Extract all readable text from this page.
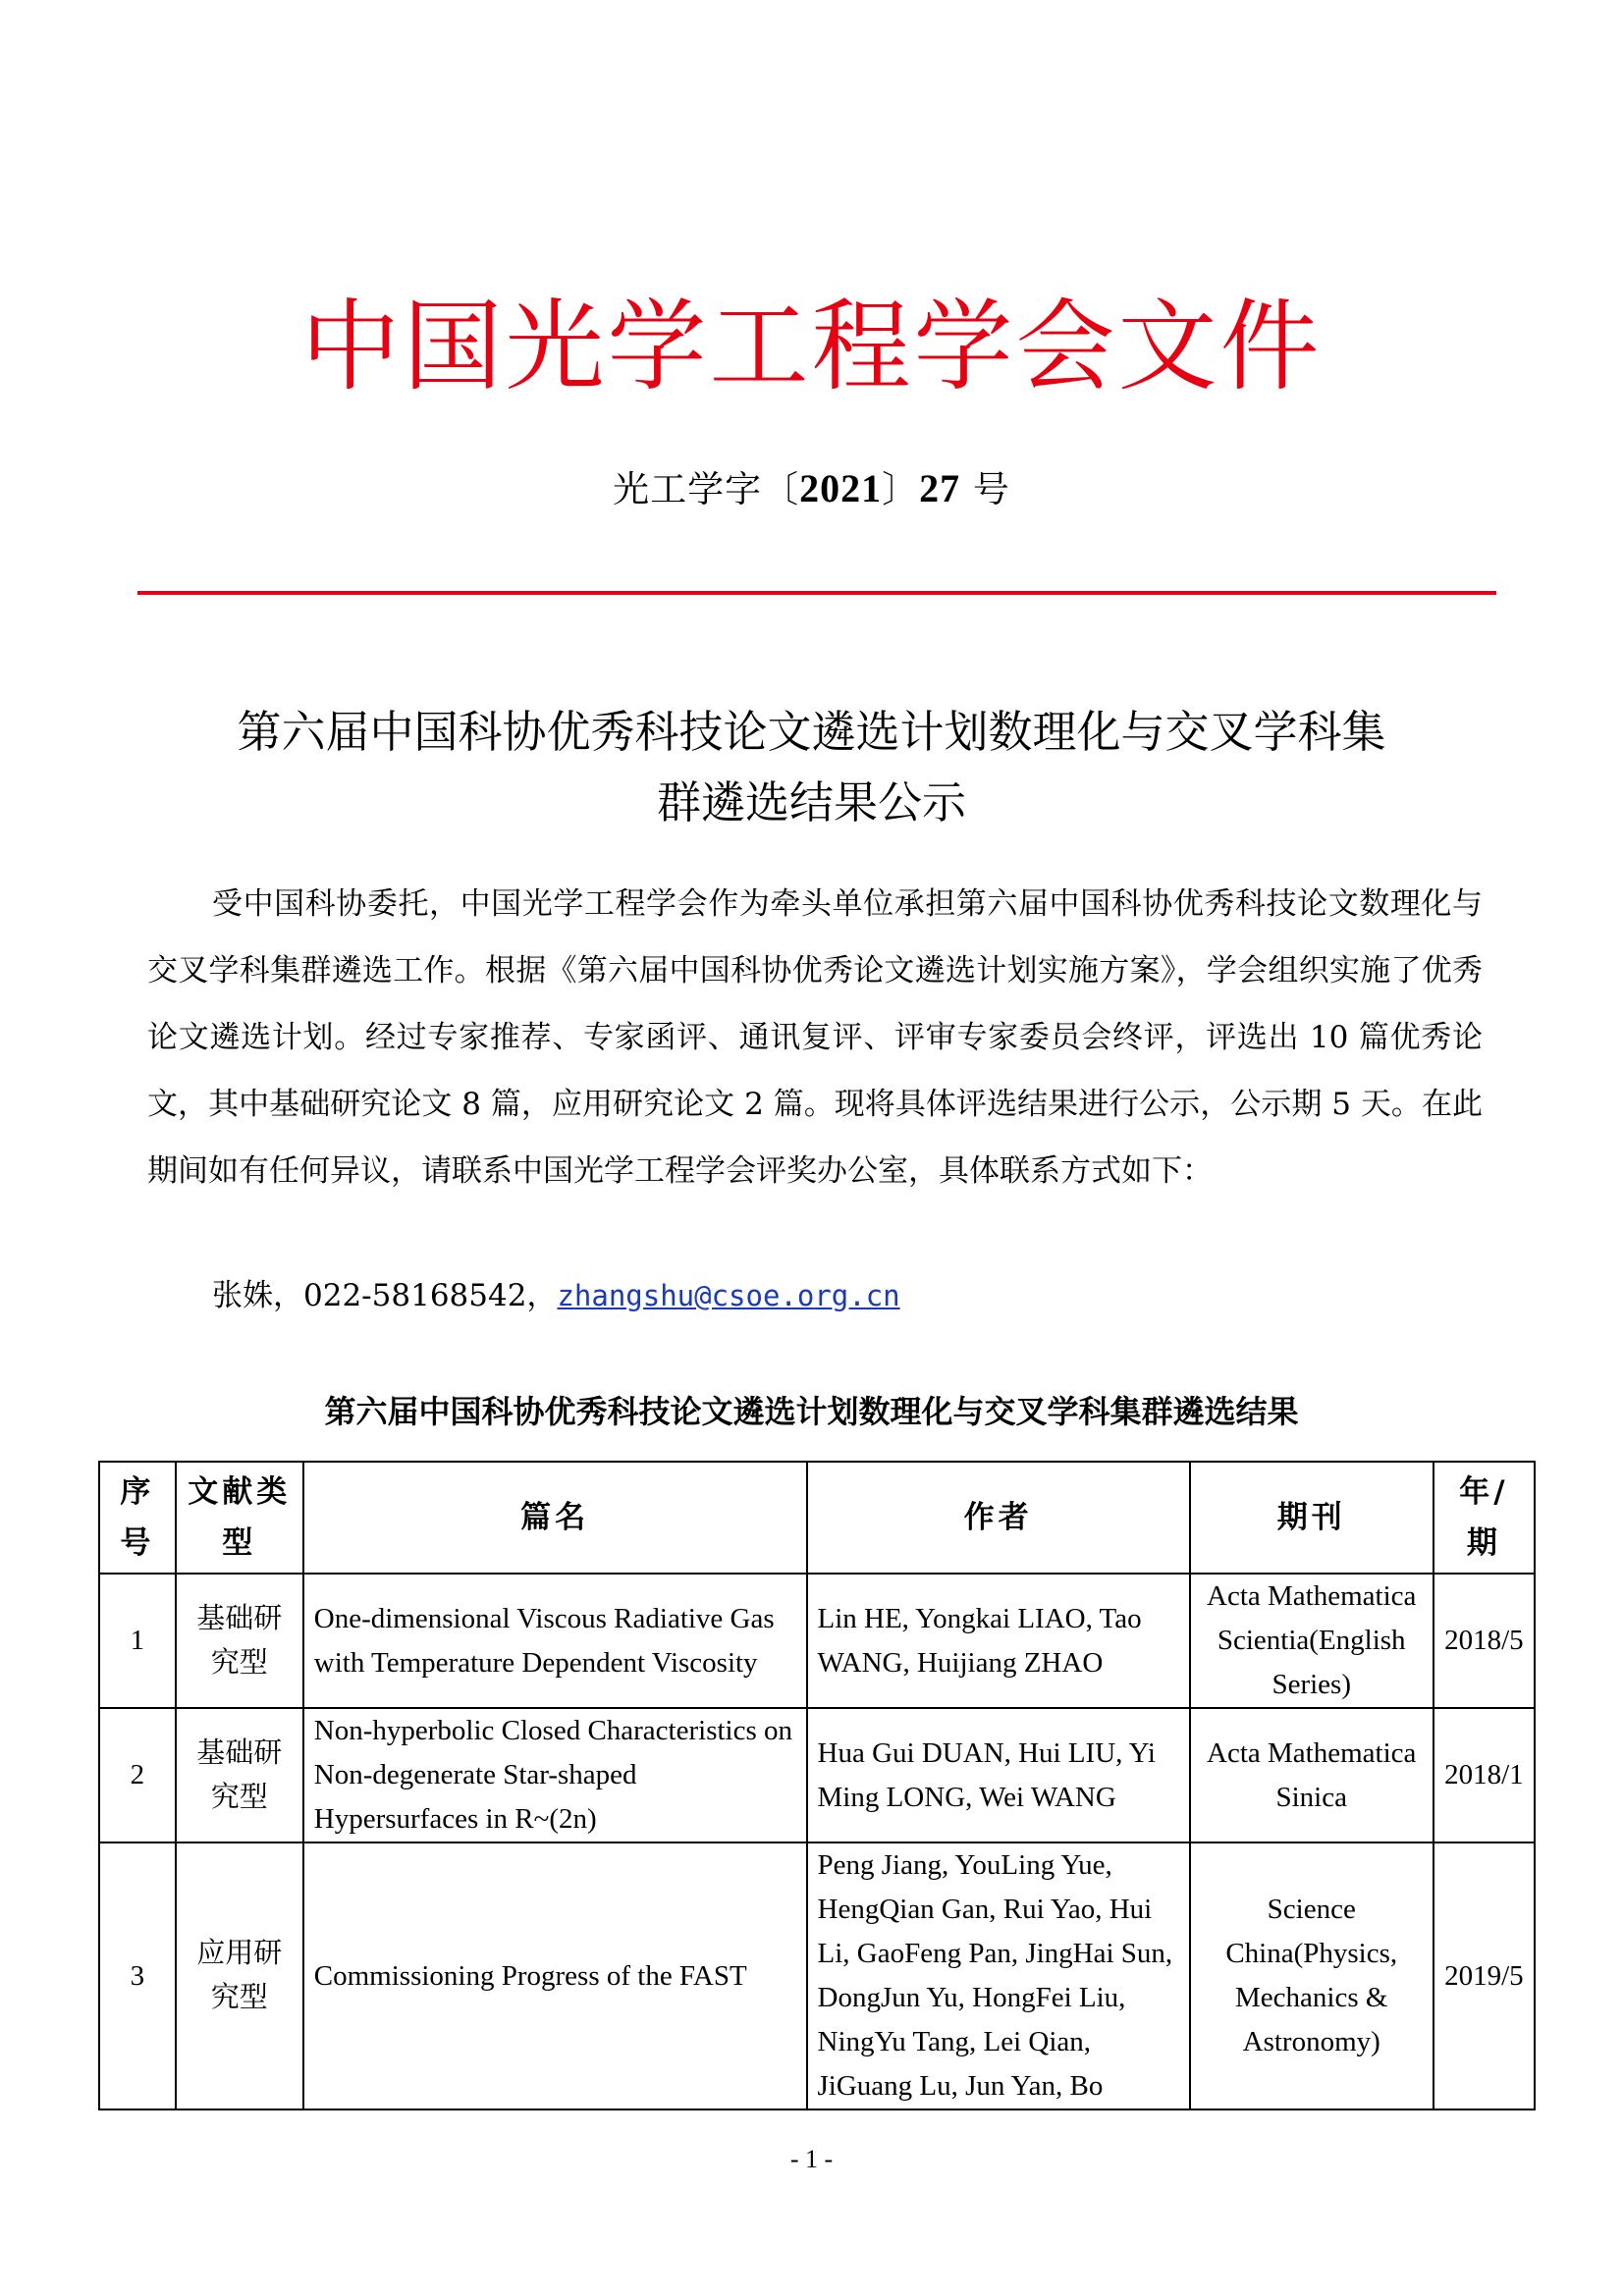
中国光学工程学会文件
光工学字〔2021〕27 号
第六届中国科协优秀科技论文遴选计划数理化与交叉学科集
群遴选结果公示

受中国科协委托，中国光学工程学会作为牵头单位承担第六届中国科协优秀科技论文数理化与交叉学科集群遴选工作。根据《第六届中国科协优秀论文遴选计划实施方案》，学会组织实施了优秀论文遴选计划。经过专家推荐、专家函评、通讯复评、评审专家委员会终评，评选出 10 篇优秀论文，其中基础研究论文 8 篇，应用研究论文 2 篇。现将具体评选结果进行公示，公示期 5 天。在此期间如有任何异议，请联系中国光学工程学会评奖办公室，具体联系方式如下：

张姝，022-58168542，zhangshu@csoe.org.cn
第六届中国科协优秀科技论文遴选计划数理化与交叉学科集群遴选结果
序号	文献类型	篇名	作者	期刊	年/期
1	基础研究型	One-dimensional Viscous Radiative Gas with Temperature Dependent Viscosity	Lin HE, Yongkai LIAO, Tao WANG, Huijiang ZHAO	Acta Mathematica Scientia(English Series)	2018/5
2	基础研究型	Non-hyperbolic Closed Characteristics on Non-degenerate Star-shaped Hypersurfaces in R~(2n)	Hua Gui DUAN, Hui LIU, Yi Ming LONG, Wei WANG	Acta Mathematica Sinica	2018/1
3	应用研究型	Commissioning Progress of the FAST	Peng Jiang, YouLing Yue, HengQian Gan, Rui Yao, Hui Li, GaoFeng Pan, JingHai Sun, DongJun Yu, HongFei Liu, NingYu Tang, Lei Qian, JiGuang Lu, Jun Yan, Bo	Science China(Physics, Mechanics & Astronomy)	2019/5
- 1 -
